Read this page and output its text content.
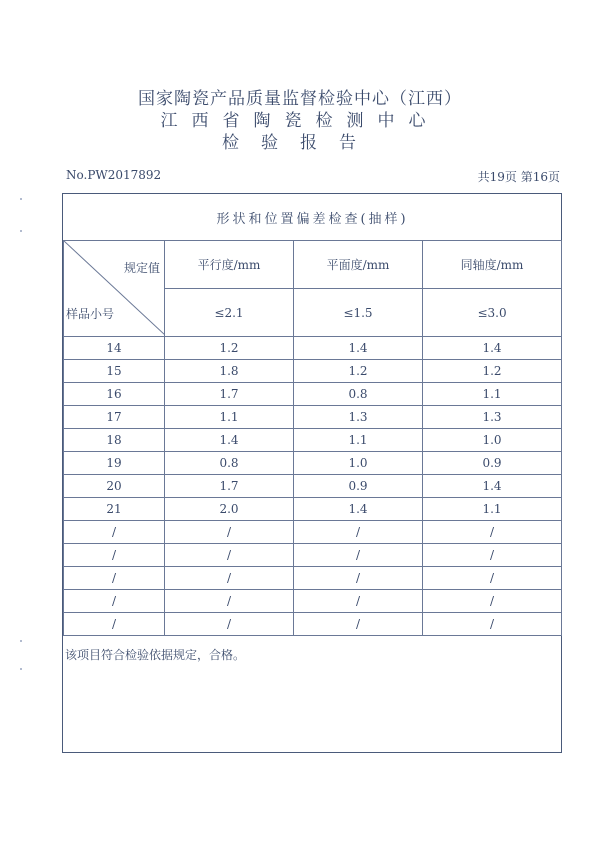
国家陶瓷产品质量监督检验中心（江西）
江西省陶瓷检测中心
检验报告
No.PW2017892	共19页 第16页
形状和位置偏差检查(抽样)			

规定值
样品小号	平行度/mm	平面度/mm	同轴度/mm
	≤2.1	≤1.5	≤3.0
14	1.2	1.4	1.4
15	1.8	1.2	1.2
16	1.7	0.8	1.1
17	1.1	1.3	1.3
18	1.4	1.1	1.0
19	0.8	1.0	0.9
20	1.7	0.9	1.4
21	2.0	1.4	1.1
/	/	/	/
/	/	/	/
/	/	/	/
/	/	/	/
/	/	/	/
该项目符合检验依据规定，合格。
